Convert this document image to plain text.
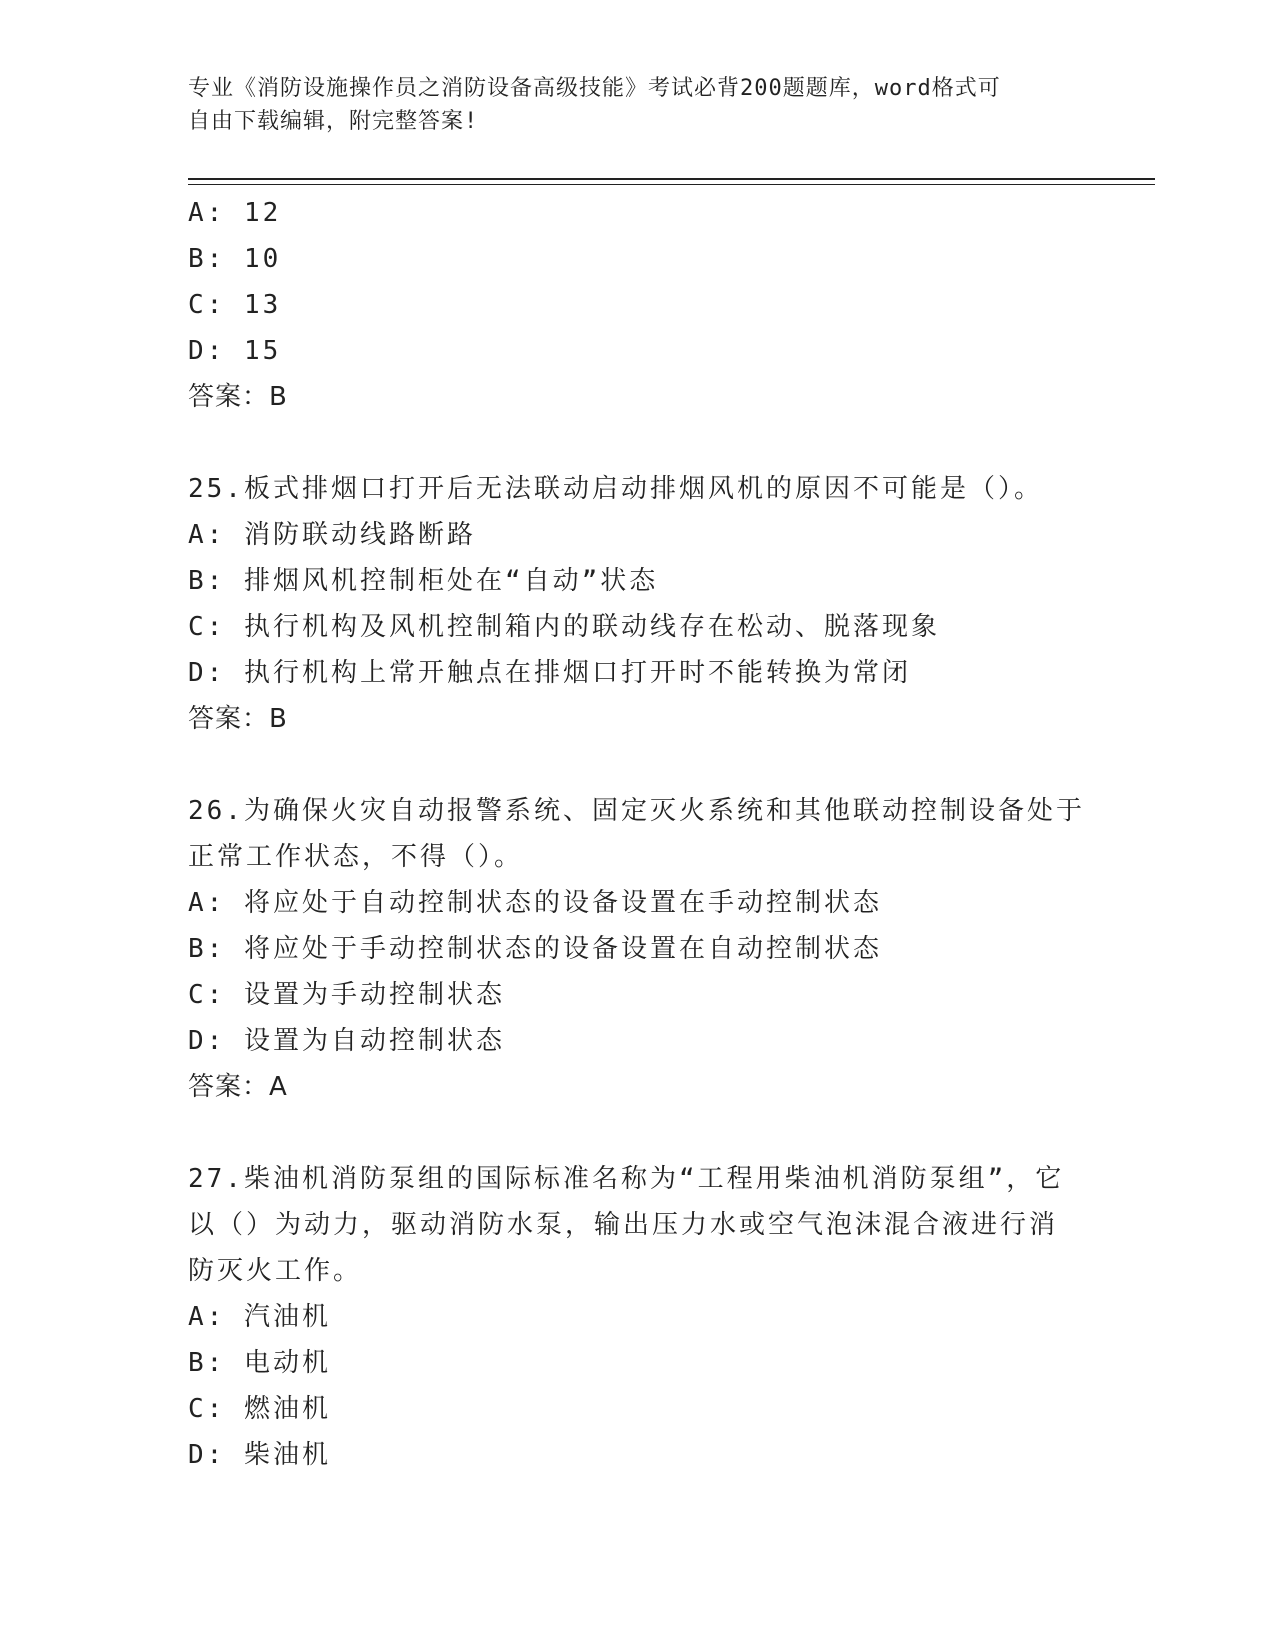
专业《消防设施操作员之消防设备高级技能》考试必背200题题库，word格式可
自由下载编辑，附完整答案!
A: 12
B: 10
C: 13
D: 15
答案：B
25.板式排烟口打开后无法联动启动排烟风机的原因不可能是（）。
A: 消防联动线路断路
B: 排烟风机控制柜处在“自动”状态
C: 执行机构及风机控制箱内的联动线存在松动、脱落现象
D: 执行机构上常开触点在排烟口打开时不能转换为常闭
答案：B
26.为确保火灾自动报警系统、固定灭火系统和其他联动控制设备处于
正常工作状态，不得（）。
A: 将应处于自动控制状态的设备设置在手动控制状态
B: 将应处于手动控制状态的设备设置在自动控制状态
C: 设置为手动控制状态
D: 设置为自动控制状态
答案：A
27.柴油机消防泵组的国际标准名称为“工程用柴油机消防泵组”，它
以（）为动力，驱动消防水泵，输出压力水或空气泡沫混合液进行消
防灭火工作。
A: 汽油机
B: 电动机
C: 燃油机
D: 柴油机
